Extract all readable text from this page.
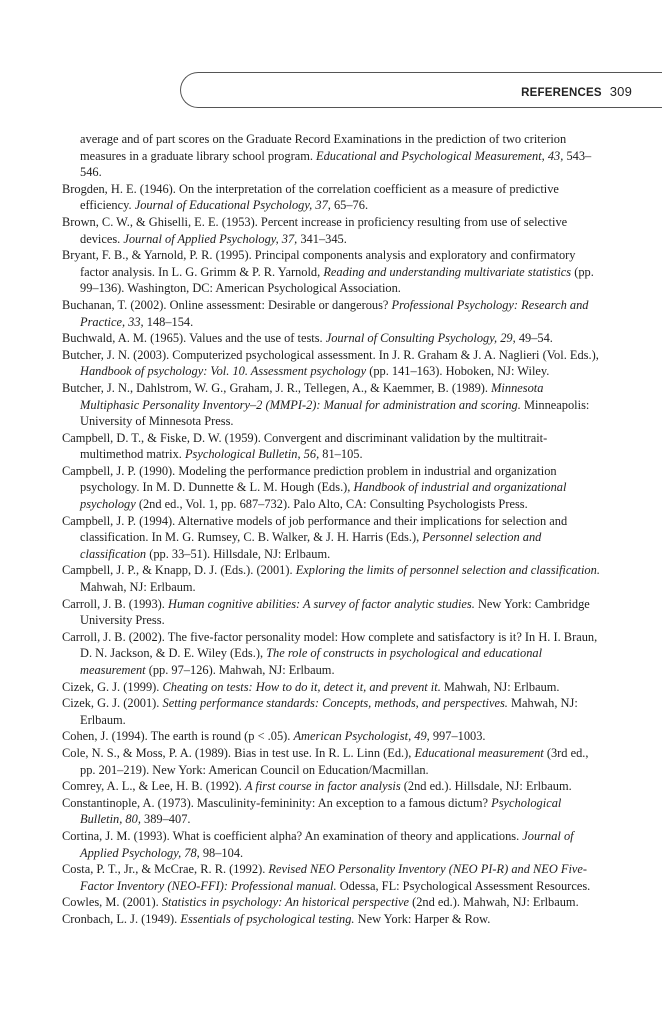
REFERENCES 309

average and of part scores on the Graduate Record Examinations in the prediction of two criterion measures in a graduate library school program. Educational and Psychological Measurement, 43, 543–546.

Brogden, H. E. (1946). On the interpretation of the correlation coefficient as a measure of predictive efficiency. Journal of Educational Psychology, 37, 65–76.

Brown, C. W., & Ghiselli, E. E. (1953). Percent increase in proficiency resulting from use of selective devices. Journal of Applied Psychology, 37, 341–345.

Bryant, F. B., & Yarnold, P. R. (1995). Principal components analysis and exploratory and confirmatory factor analysis. In L. G. Grimm & P. R. Yarnold, Reading and understanding multivariate statistics (pp. 99–136). Washington, DC: American Psychological Association.

Buchanan, T. (2002). Online assessment: Desirable or dangerous? Professional Psychology: Research and Practice, 33, 148–154.

Buchwald, A. M. (1965). Values and the use of tests. Journal of Consulting Psychology, 29, 49–54.

Butcher, J. N. (2003). Computerized psychological assessment. In J. R. Graham & J. A. Naglieri (Vol. Eds.), Handbook of psychology: Vol. 10. Assessment psychology (pp. 141–163). Hoboken, NJ: Wiley.

Butcher, J. N., Dahlstrom, W. G., Graham, J. R., Tellegen, A., & Kaemmer, B. (1989). Minnesota Multiphasic Personality Inventory–2 (MMPI-2): Manual for administration and scoring. Minneapolis: University of Minnesota Press.

Campbell, D. T., & Fiske, D. W. (1959). Convergent and discriminant validation by the multitrait-multimethod matrix. Psychological Bulletin, 56, 81–105.

Campbell, J. P. (1990). Modeling the performance prediction problem in industrial and organization psychology. In M. D. Dunnette & L. M. Hough (Eds.), Handbook of industrial and organizational psychology (2nd ed., Vol. 1, pp. 687–732). Palo Alto, CA: Consulting Psychologists Press.

Campbell, J. P. (1994). Alternative models of job performance and their implications for selection and classification. In M. G. Rumsey, C. B. Walker, & J. H. Harris (Eds.), Personnel selection and classification (pp. 33–51). Hillsdale, NJ: Erlbaum.

Campbell, J. P., & Knapp, D. J. (Eds.). (2001). Exploring the limits of personnel selection and classification. Mahwah, NJ: Erlbaum.

Carroll, J. B. (1993). Human cognitive abilities: A survey of factor analytic studies. New York: Cambridge University Press.

Carroll, J. B. (2002). The five-factor personality model: How complete and satisfactory is it? In H. I. Braun, D. N. Jackson, & D. E. Wiley (Eds.), The role of constructs in psychological and educational measurement (pp. 97–126). Mahwah, NJ: Erlbaum.

Cizek, G. J. (1999). Cheating on tests: How to do it, detect it, and prevent it. Mahwah, NJ: Erlbaum.

Cizek, G. J. (2001). Setting performance standards: Concepts, methods, and perspectives. Mahwah, NJ: Erlbaum.

Cohen, J. (1994). The earth is round (p < .05). American Psychologist, 49, 997–1003.

Cole, N. S., & Moss, P. A. (1989). Bias in test use. In R. L. Linn (Ed.), Educational measurement (3rd ed., pp. 201–219). New York: American Council on Education/Macmillan.

Comrey, A. L., & Lee, H. B. (1992). A first course in factor analysis (2nd ed.). Hillsdale, NJ: Erlbaum.

Constantinople, A. (1973). Masculinity-femininity: An exception to a famous dictum? Psychological Bulletin, 80, 389–407.

Cortina, J. M. (1993). What is coefficient alpha? An examination of theory and applications. Journal of Applied Psychology, 78, 98–104.

Costa, P. T., Jr., & McCrae, R. R. (1992). Revised NEO Personality Inventory (NEO PI-R) and NEO Five-Factor Inventory (NEO-FFI): Professional manual. Odessa, FL: Psychological Assessment Resources.

Cowles, M. (2001). Statistics in psychology: An historical perspective (2nd ed.). Mahwah, NJ: Erlbaum.

Cronbach, L. J. (1949). Essentials of psychological testing. New York: Harper & Row.
